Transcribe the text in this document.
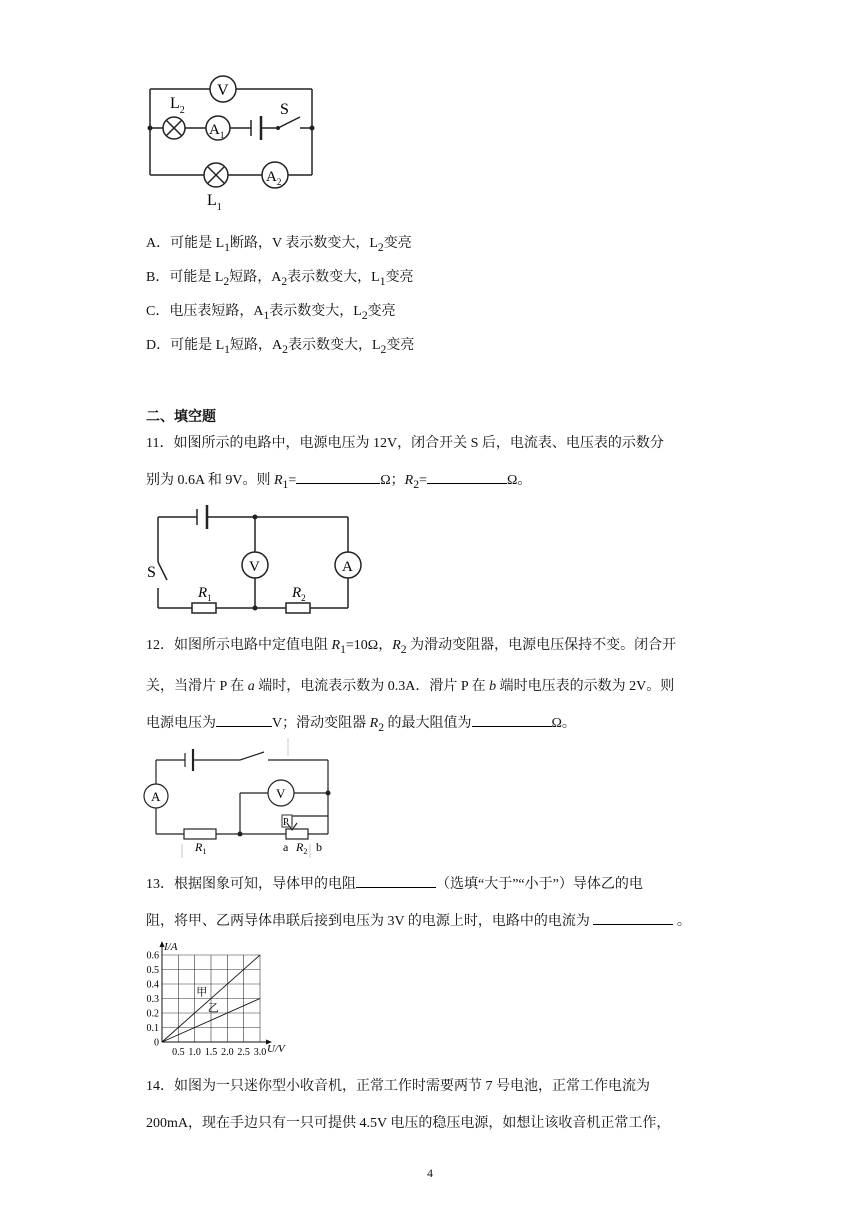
V
$L_2$
$A_1$
S
$A_2$
$L_1$
A．可能是 $L_1$断路，V 表示数变大，$L_2$变亮
B．可能是 $L_2$短路，$A_2$表示数变大，$L_1$变亮
C．电压表短路，$A_1$表示数变大，$L_2$变亮
D．可能是 $L_1$短路，$A_2$表示数变大，$L_2$变亮
二、填空题
11．如图所示的电路中，电源电压为 12V，闭合开关 S 后，电流表、电压表的示数分
别为 0.6A 和 9V。则 $R_1=$	Ω；$R_2=$	Ω。
S	V	A
$R_1$	$R_2$
12．如图所示电路中定值电阻 $R_1=10\Omega$，$R_2$ 为滑动变阻器，电源电压保持不变。闭合开
关，当滑片 P 在 a 端时，电流表示数为 0.3A．滑片 P 在 b 端时电压表的示数为 2V。则
电源电压为	V；滑动变阻器 $R_2$ 的最大阻值为	Ω。
A	V
P
$R_1$	a $R_2$ b
13．根据图象可知，导体甲的电阻	（选填“大于”“小于”）导体乙的电
阻，将甲、乙两导体串联后接到电压为 3V 的电源上时，电路中的电流为	。
I/A
U/V
0.6
0.5
0.4
0.3
0.2
0.1
0
0.5 1.0 1.5 2.0 2.5 3.0
甲
乙
14．如图为一只迷你型小收音机，正常工作时需要两节 7 号电池，正常工作电流为
200mA，现在手边只有一只可提供 4.5V 电压的稳压电源，如想让该收音机正常工作，
4
